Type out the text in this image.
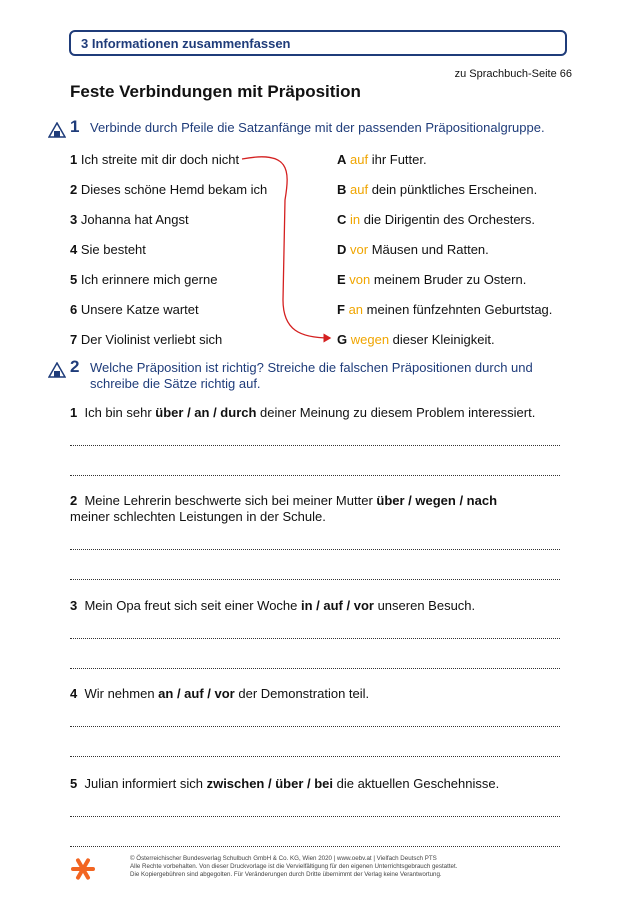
3 Informationen zusammenfassen
zu Sprachbuch-Seite 66
Feste Verbindungen mit Präposition
1 Verbinde durch Pfeile die Satzanfänge mit der passenden Präpositionalgruppe.
1 Ich streite mit dir doch nicht
2 Dieses schöne Hemd bekam ich
3 Johanna hat Angst
4 Sie besteht
5 Ich erinnere mich gerne
6 Unsere Katze wartet
7 Der Violinist verliebt sich
A auf ihr Futter.
B auf dein pünktliches Erscheinen.
C in die Dirigentin des Orchesters.
D vor Mäusen und Ratten.
E von meinem Bruder zu Ostern.
F an meinen fünfzehnten Geburtstag.
G wegen dieser Kleinigkeit.
2 Welche Präposition ist richtig? Streiche die falschen Präpositionen durch und schreibe die Sätze richtig auf.
1 Ich bin sehr über / an / durch deiner Meinung zu diesem Problem interessiert.
2 Meine Lehrerin beschwerte sich bei meiner Mutter über / wegen / nach meiner schlechten Leistungen in der Schule.
3 Mein Opa freut sich seit einer Woche in / auf / vor unseren Besuch.
4 Wir nehmen an / auf / vor der Demonstration teil.
5 Julian informiert sich zwischen / über / bei die aktuellen Geschehnisse.
© Österreichischer Bundesverlag Schulbuch GmbH & Co. KG, Wien 2020 | www.oebv.at | Vielfach Deutsch PTS
Alle Rechte vorbehalten. Von dieser Druckvorlage ist die Vervielfältigung für den eigenen Unterrichtsgebrauch gestattet.
Die Kopiergebühren sind abgegolten. Für Veränderungen durch Dritte übernimmt der Verlag keine Verantwortung.
